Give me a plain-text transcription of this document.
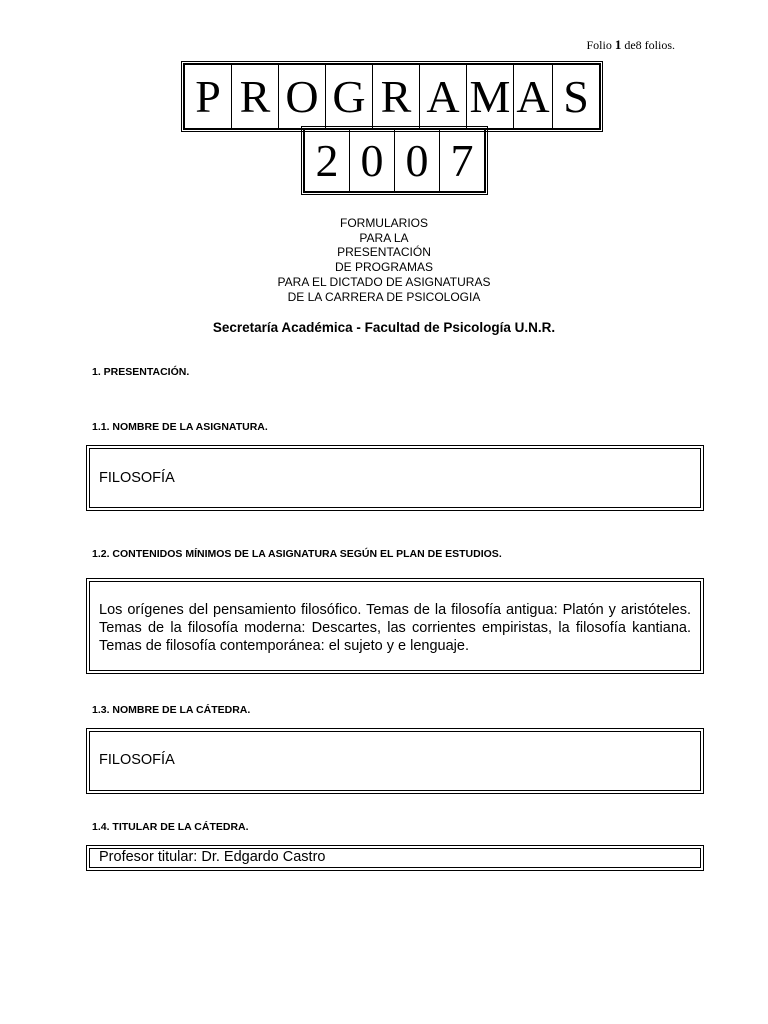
Folio 1 de8 folios.
P R O G R A M A S
2 0 0 7
FORMULARIOS
PARA LA
PRESENTACIÓN
DE PROGRAMAS
PARA EL DICTADO DE ASIGNATURAS
DE LA CARRERA DE PSICOLOGIA
Secretaría Académica - Facultad de Psicología U.N.R.
1. PRESENTACIÓN.
1.1. NOMBRE DE LA ASIGNATURA.
FILOSOFÍA
1.2. CONTENIDOS MÍNIMOS DE LA ASIGNATURA SEGÚN EL PLAN DE ESTUDIOS.
Los orígenes del pensamiento filosófico. Temas de la filosofía antigua: Platón y aristóteles. Temas de la filosofía moderna: Descartes, las corrientes empiristas, la filosofía kantiana. Temas de filosofía contemporánea: el sujeto y e lenguaje.
1.3. NOMBRE DE LA CÁTEDRA.
FILOSOFÍA
1.4. TITULAR DE LA CÁTEDRA.
Profesor titular: Dr. Edgardo Castro
